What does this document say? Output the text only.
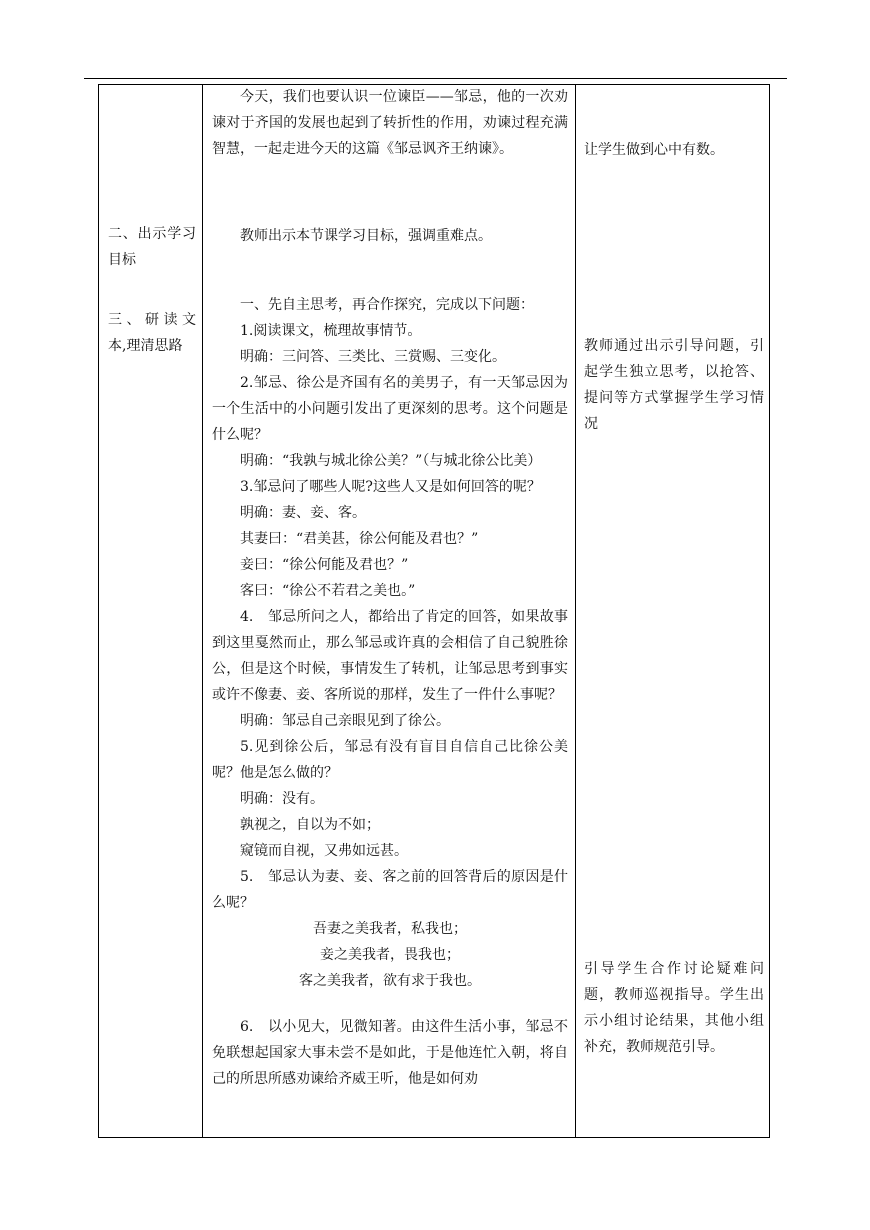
二、出示学习目标

三、研读文本,理清思路

今天，我们也要认识一位谏臣——邹忌，他的一次劝谏对于齐国的发展也起到了转折性的作用，劝谏过程充满智慧，一起走进今天的这篇《邹忌讽齐王纳谏》。

教师出示本节课学习目标，强调重难点。

一、先自主思考，再合作探究，完成以下问题：

1.阅读课文，梳理故事情节。

明确：三问答、三类比、三赏赐、三变化。

2.邹忌、徐公是齐国有名的美男子，有一天邹忌因为一个生活中的小问题引发出了更深刻的思考。这个问题是什么呢？

明确：“我孰与城北徐公美？”（与城北徐公比美）

3.邹忌问了哪些人呢?这些人又是如何回答的呢？

明确：妻、妾、客。

其妻曰：“君美甚，徐公何能及君也？”

妾曰：“徐公何能及君也？”

客曰：“徐公不若君之美也。”

4.　邹忌所问之人，都给出了肯定的回答，如果故事到这里戛然而止，那么邹忌或许真的会相信了自己貌胜徐公，但是这个时候，事情发生了转机，让邹忌思考到事实或许不像妻、妾、客所说的那样，发生了一件什么事呢？

明确：邹忌自己亲眼见到了徐公。

5.见到徐公后，邹忌有没有盲目自信自己比徐公美呢？他是怎么做的？

明确：没有。

孰视之，自以为不如；

窥镜而自视，又弗如远甚。

5.　邹忌认为妻、妾、客之前的回答背后的原因是什么呢？

吾妻之美我者，私我也；

妾之美我者，畏我也；

客之美我者，欲有求于我也。

6.　以小见大，见微知著。由这件生活小事，邹忌不免联想起国家大事未尝不是如此，于是他连忙入朝，将自己的所思所感劝谏给齐威王听，他是如何劝

让学生做到心中有数。

教师通过出示引导问题，引起学生独立思考，以抢答、提问等方式掌握学生学习情况

引导学生合作讨论疑难问题，教师巡视指导。学生出示小组讨论结果，其他小组补充，教师规范引导。
